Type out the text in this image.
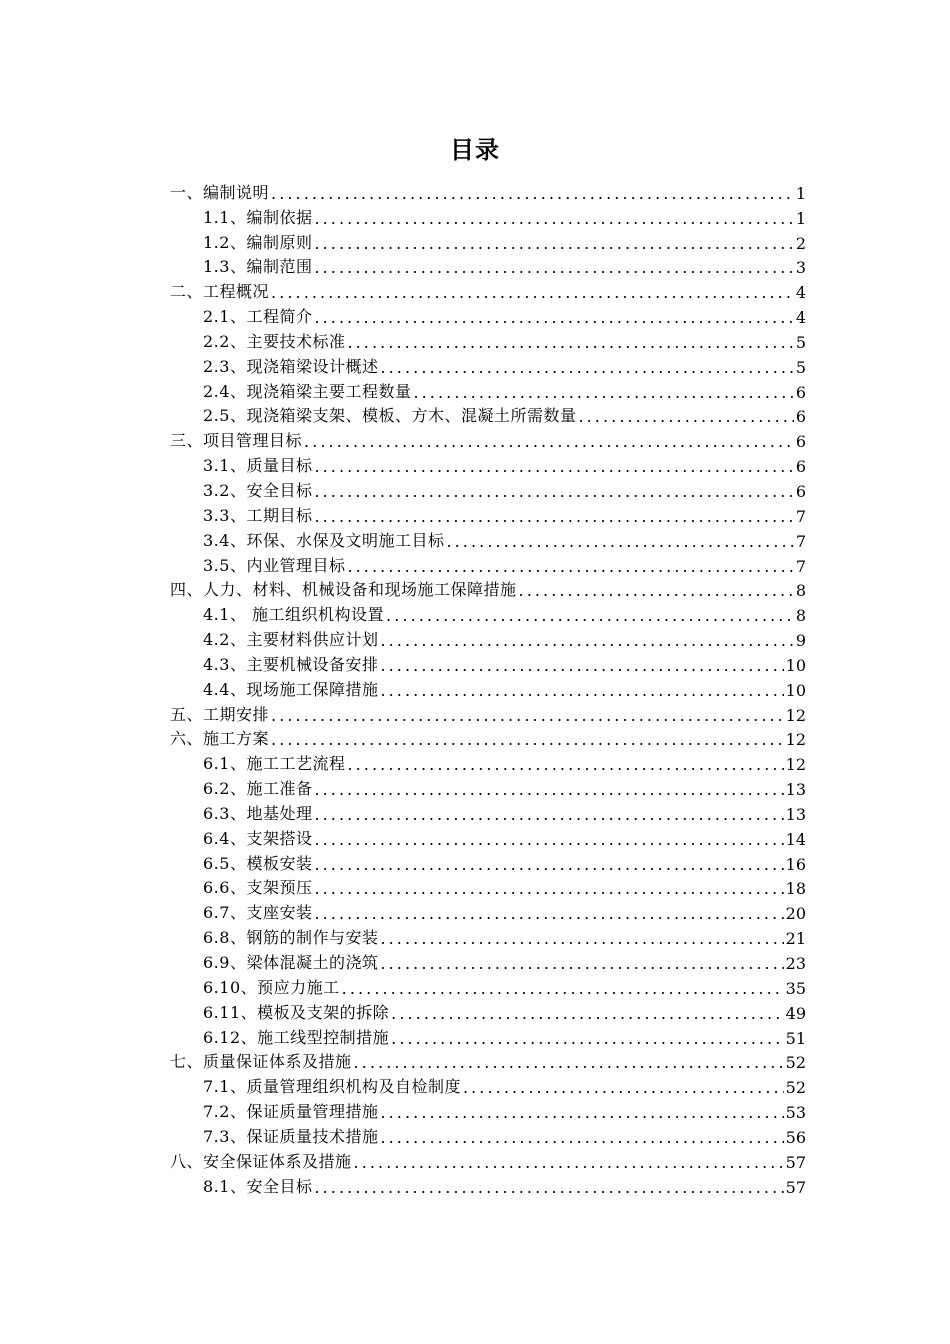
目录
一、编制说明 . . .	1
1.1、编制依据 . . .	1
1.2、编制原则 . . .	2
1.3、编制范围 . . .	3
二、工程概况 . . .	4
2.1、工程简介 . . .	4
2.2、主要技术标准 . . .	5
2.3、现浇箱梁设计概述 . . .	5
2.4、现浇箱梁主要工程数量 . . .	6
2.5、现浇箱梁支架、模板、方木、混凝土所需数量 . . .	6
三、项目管理目标 . . .	6
3.1、质量目标 . . .	6
3.2、安全目标 . . .	6
3.3、工期目标 . . .	7
3.4、环保、水保及文明施工目标 . . .	7
3.5、内业管理目标 . . .	7
四、人力、材料、机械设备和现场施工保障措施 . . .	8
4.1、 施工组织机构设置 . . .	8
4.2、主要材料供应计划 . . .	9
4.3、主要机械设备安排 . . .	10
4.4、现场施工保障措施 . . .	10
五、工期安排 . . .	12
六、施工方案 . . .	12
6.1、施工工艺流程 . . .	12
6.2、施工准备 . . .	13
6.3、地基处理 . . .	13
6.4、支架搭设 . . .	14
6.5、模板安装 . . .	16
6.6、支架预压 . . .	18
6.7、支座安装 . . .	20
6.8、钢筋的制作与安装 . . .	21
6.9、梁体混凝土的浇筑 . . .	23
6.10、预应力施工 . . .	35
6.11、模板及支架的拆除 . . .	49
6.12、施工线型控制措施 . . .	51
七、质量保证体系及措施 . . .	52
7.1、质量管理组织机构及自检制度 . . .	52
7.2、保证质量管理措施 . . .	53
7.3、保证质量技术措施 . . .	56
八、安全保证体系及措施 . . .	57
8.1、安全目标 . . .	57
